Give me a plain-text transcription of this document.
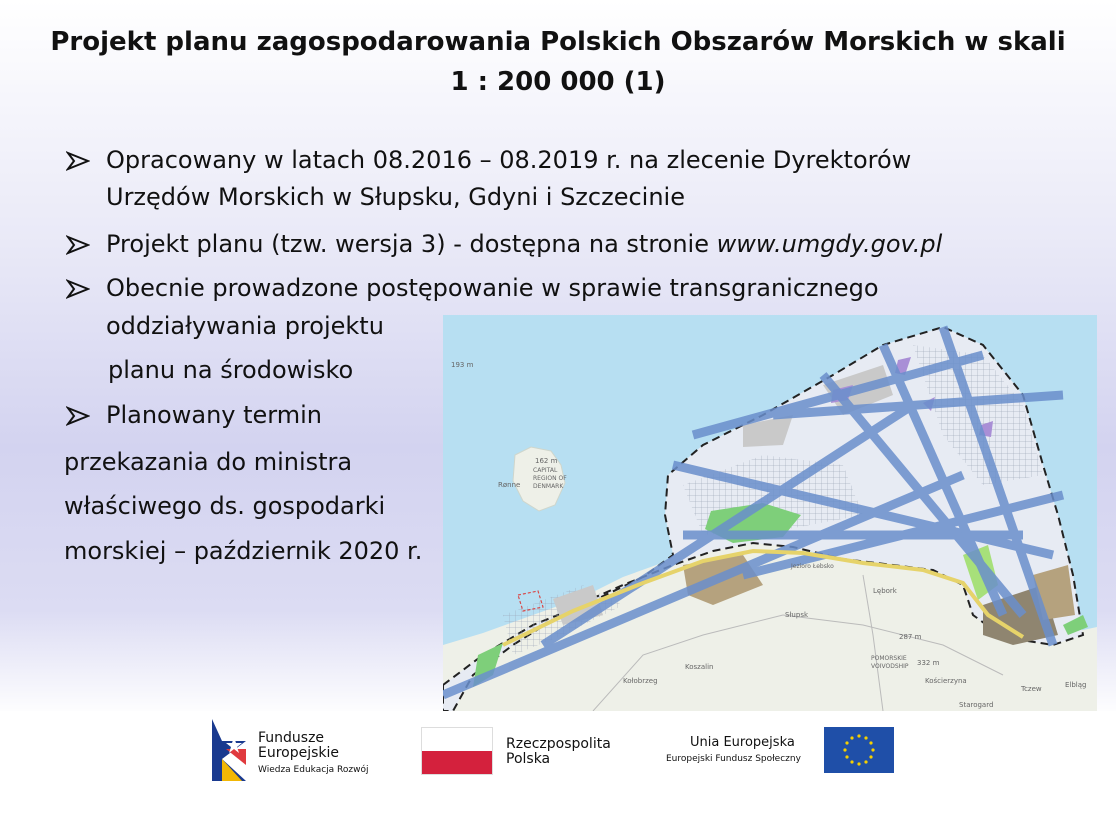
Projekt planu zagospodarowania Polskich Obszarów Morskich w skali
1 : 200 000 (1)
Opracowany w latach 08.2016 – 08.2019 r. na zlecenie Dyrektorów
Urzędów Morskich w Słupsku, Gdyni i Szczecinie
Projekt planu (tzw. wersja 3) - dostępna na stronie www.umgdy.gov.pl
Obecnie prowadzone postępowanie w sprawie transgranicznego
oddziaływania projektu
planu na środowisko
Planowany termin
przekazania do ministra
właściwego ds. gospodarki
morskiej – październik 2020 r.
193 m
162 m
CAPITAL
REGION OF
DENMARK
Rønne
Słupsk
Lębork
Jezioro Łebsko
Koszalin
Kołobrzeg
287 m
POMORSKIE
VOIVODSHIP 332 m
Kościerzyna
Tczew	Elbląg
Starogard
Fundusze
Europejskie
Wiedza Edukacja Rozwój
Rzeczpospolita
Polska
Unia Europejska
Europejski Fundusz Społeczny
